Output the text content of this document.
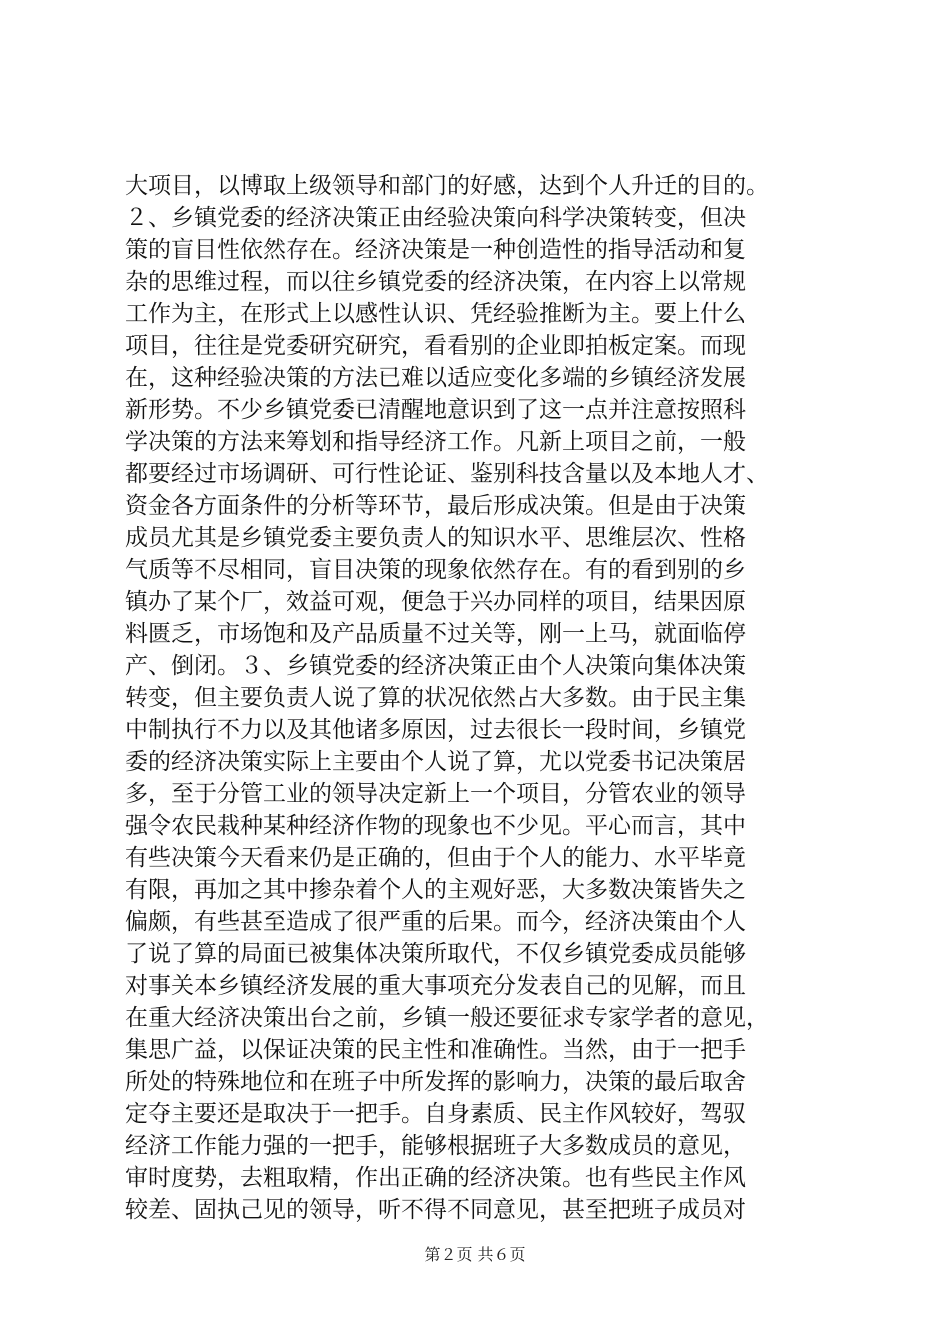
大项目，以博取上级领导和部门的好感，达到个人升迁的目的。
２、乡镇党委的经济决策正由经验决策向科学决策转变，但决
策的盲目性依然存在。经济决策是一种创造性的指导活动和复
杂的思维过程，而以往乡镇党委的经济决策，在内容上以常规
工作为主，在形式上以感性认识、凭经验推断为主。要上什么
项目，往往是党委研究研究，看看别的企业即拍板定案。而现
在，这种经验决策的方法已难以适应变化多端的乡镇经济发展
新形势。不少乡镇党委已清醒地意识到了这一点并注意按照科
学决策的方法来筹划和指导经济工作。凡新上项目之前，一般
都要经过市场调研、可行性论证、鉴别科技含量以及本地人才、
资金各方面条件的分析等环节，最后形成决策。但是由于决策
成员尤其是乡镇党委主要负责人的知识水平、思维层次、性格
气质等不尽相同，盲目决策的现象依然存在。有的看到别的乡
镇办了某个厂，效益可观，便急于兴办同样的项目，结果因原
料匮乏，市场饱和及产品质量不过关等，刚一上马，就面临停
产、倒闭。３、乡镇党委的经济决策正由个人决策向集体决策
转变，但主要负责人说了算的状况依然占大多数。由于民主集
中制执行不力以及其他诸多原因，过去很长一段时间，乡镇党
委的经济决策实际上主要由个人说了算，尤以党委书记决策居
多，至于分管工业的领导决定新上一个项目，分管农业的领导
强令农民栽种某种经济作物的现象也不少见。平心而言，其中
有些决策今天看来仍是正确的，但由于个人的能力、水平毕竟
有限，再加之其中掺杂着个人的主观好恶，大多数决策皆失之
偏颇，有些甚至造成了很严重的后果。而今，经济决策由个人
了说了算的局面已被集体决策所取代，不仅乡镇党委成员能够
对事关本乡镇经济发展的重大事项充分发表自己的见解，而且
在重大经济决策出台之前，乡镇一般还要征求专家学者的意见，
集思广益，以保证决策的民主性和准确性。当然，由于一把手
所处的特殊地位和在班子中所发挥的影响力，决策的最后取舍
定夺主要还是取决于一把手。自身素质、民主作风较好，驾驭
经济工作能力强的一把手，能够根据班子大多数成员的意见，
审时度势，去粗取精，作出正确的经济决策。也有些民主作风
较差、固执己见的领导，听不得不同意见，甚至把班子成员对
第２页 共６页
